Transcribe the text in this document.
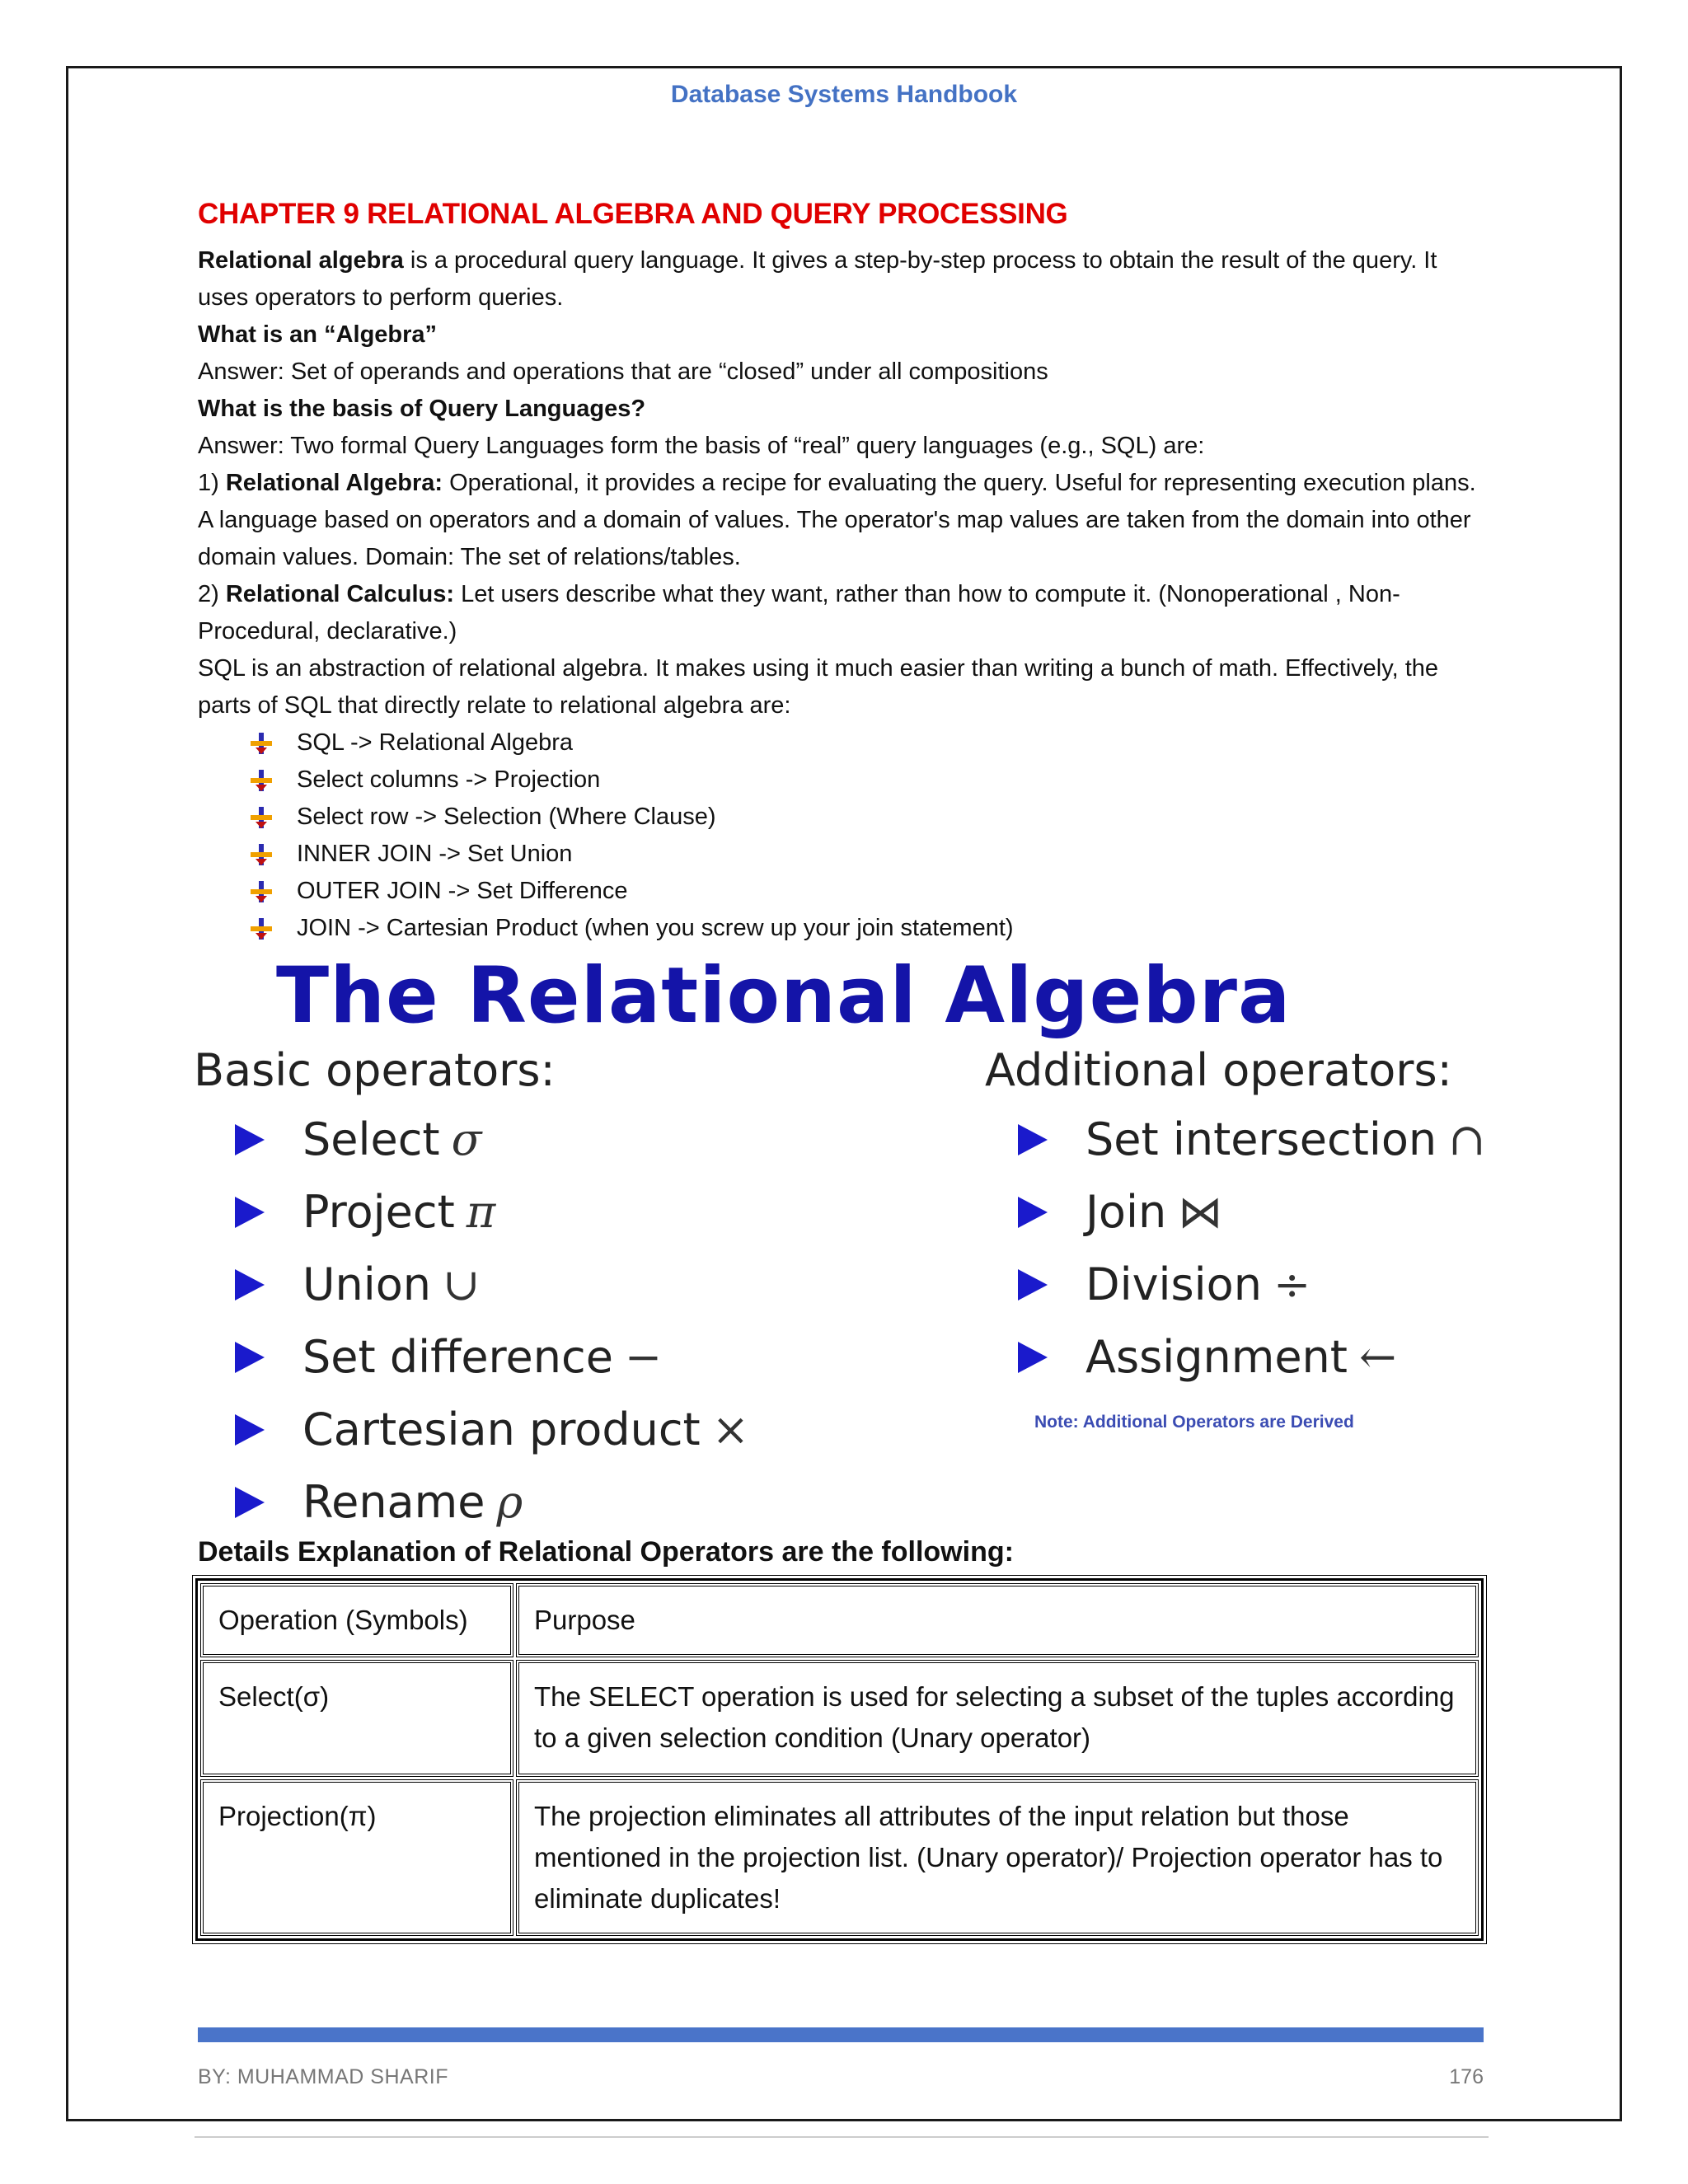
Database Systems Handbook
CHAPTER 9 RELATIONAL ALGEBRA AND QUERY PROCESSING

Relational algebra is a procedural query language. It gives a step-by-step process to obtain the result of the query. It uses operators to perform queries.

What is an “Algebra”

Answer: Set of operands and operations that are “closed” under all compositions

What is the basis of Query Languages?

Answer: Two formal Query Languages form the basis of “real” query languages (e.g., SQL) are:

1) Relational Algebra: Operational, it provides a recipe for evaluating the query. Useful for representing execution plans. A language based on operators and a domain of values. The operator's map values are taken from the domain into other domain values. Domain: The set of relations/tables.

2) Relational Calculus: Let users describe what they want, rather than how to compute it. (Nonoperational , Non-Procedural, declarative.)

SQL is an abstraction of relational algebra. It makes using it much easier than writing a bunch of math. Effectively, the parts of SQL that directly relate to relational algebra are:

SQL -> Relational Algebra
Select columns -> Projection
Select row -> Selection (Where Clause)
INNER JOIN -> Set Union
OUTER JOIN -> Set Difference
JOIN -> Cartesian Product (when you screw up your join statement)
The Relational Algebra
Basic operators:	Additional operators:
Select σ
Project π
Union ∪
Set difference −
Cartesian product ×
Rename ρ
Set intersection ∩
Join ⋈
Division ÷
Assignment ←
Note: Additional Operators are Derived
Details Explanation of Relational Operators are the following:
Operation (Symbols)	Purpose
Select(σ)	The SELECT operation is used for selecting a subset of the tuples according to a given selection condition (Unary operator)
Projection(π)	The projection eliminates all attributes of the input relation but those mentioned in the projection list. (Unary operator)/ Projection operator has to eliminate duplicates!
BY: MUHAMMAD SHARIF	176
